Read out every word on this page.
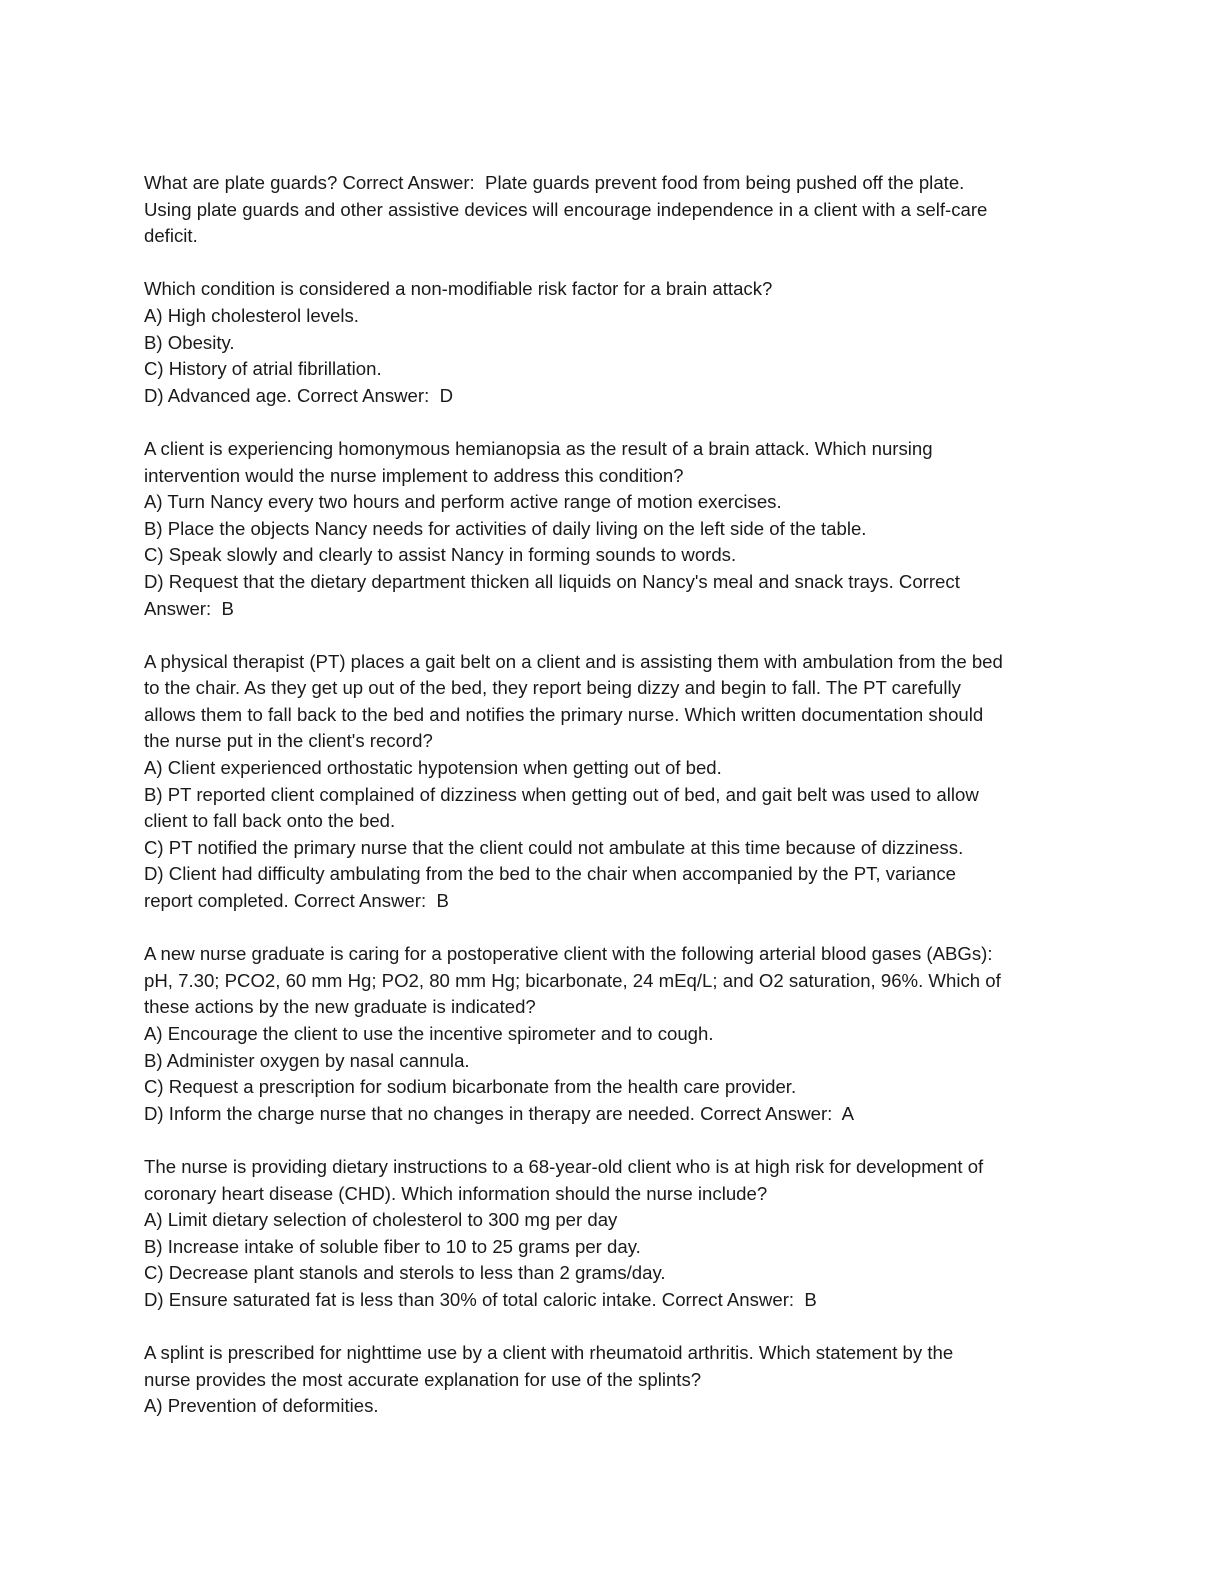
What are plate guards? Correct Answer:  Plate guards prevent food from being pushed off the plate.
Using plate guards and other assistive devices will encourage independence in a client with a self-care
deficit.
Which condition is considered a non-modifiable risk factor for a brain attack?
A) High cholesterol levels.
B) Obesity.
C) History of atrial fibrillation.
D) Advanced age. Correct Answer:  D
A client is experiencing homonymous hemianopsia as the result of a brain attack. Which nursing
intervention would the nurse implement to address this condition?
A) Turn Nancy every two hours and perform active range of motion exercises.
B) Place the objects Nancy needs for activities of daily living on the left side of the table.
C) Speak slowly and clearly to assist Nancy in forming sounds to words.
D) Request that the dietary department thicken all liquids on Nancy's meal and snack trays. Correct
Answer:  B
A physical therapist (PT) places a gait belt on a client and is assisting them with ambulation from the bed
to the chair. As they get up out of the bed, they report being dizzy and begin to fall. The PT carefully
allows them to fall back to the bed and notifies the primary nurse. Which written documentation should
the nurse put in the client's record?
A) Client experienced orthostatic hypotension when getting out of bed.
B) PT reported client complained of dizziness when getting out of bed, and gait belt was used to allow
client to fall back onto the bed.
C) PT notified the primary nurse that the client could not ambulate at this time because of dizziness.
D) Client had difficulty ambulating from the bed to the chair when accompanied by the PT, variance
report completed. Correct Answer:  B
A new nurse graduate is caring for a postoperative client with the following arterial blood gases (ABGs):
pH, 7.30; PCO2, 60 mm Hg; PO2, 80 mm Hg; bicarbonate, 24 mEq/L; and O2 saturation, 96%. Which of
these actions by the new graduate is indicated?
A) Encourage the client to use the incentive spirometer and to cough.
B) Administer oxygen by nasal cannula.
C) Request a prescription for sodium bicarbonate from the health care provider.
D) Inform the charge nurse that no changes in therapy are needed. Correct Answer:  A
The nurse is providing dietary instructions to a 68-year-old client who is at high risk for development of
coronary heart disease (CHD). Which information should the nurse include?
A) Limit dietary selection of cholesterol to 300 mg per day
B) Increase intake of soluble fiber to 10 to 25 grams per day.
C) Decrease plant stanols and sterols to less than 2 grams/day.
D) Ensure saturated fat is less than 30% of total caloric intake. Correct Answer:  B
A splint is prescribed for nighttime use by a client with rheumatoid arthritis. Which statement by the
nurse provides the most accurate explanation for use of the splints?
A) Prevention of deformities.
